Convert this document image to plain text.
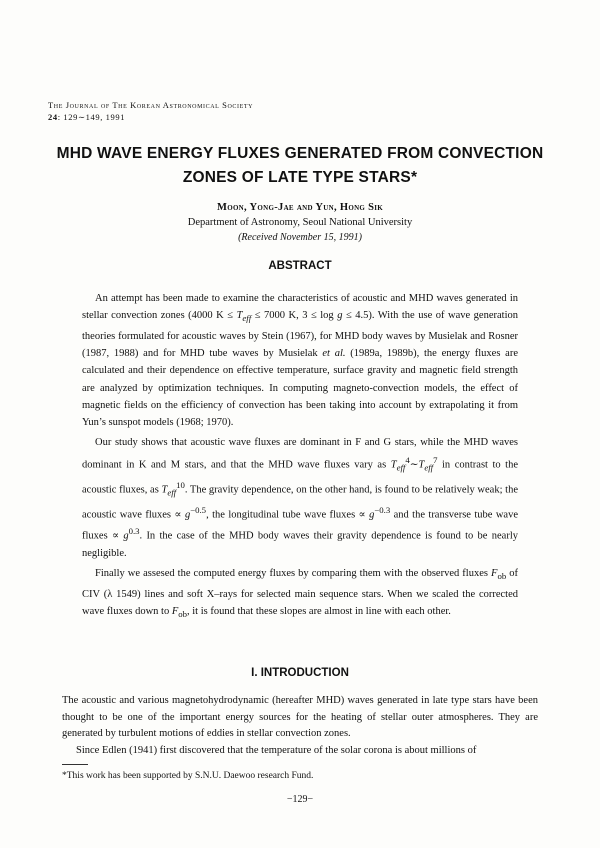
The Journal of The Korean Astronomical Society
24: 129∼149, 1991
MHD WAVE ENERGY FLUXES GENERATED FROM CONVECTION
ZONES OF LATE TYPE STARS*
Moon, Yong-Jae and Yun, Hong Sik
Department of Astronomy, Seoul National University
(Received November 15, 1991)
ABSTRACT

An attempt has been made to examine the characteristics of acoustic and MHD waves generated in stellar convection zones (4000 $K \le T_{eff} \le 7000$ K, 3 ≤ log g ≤ 4.5). With the use of wave generation theories formulated for acoustic waves by Stein (1967), for MHD body waves by Musielak and Rosner (1987, 1988) and for MHD tube waves by Musielak et al. (1989a, 1989b), the energy fluxes are calculated and their dependence on effective temperature, surface gravity and magnetic field strength are analyzed by optimization techniques. In computing magneto-convection models, the effect of magnetic fields on the efficiency of convection has been taking into account by extrapolating it from Yun’s sunspot models (1968; 1970).

Our study shows that acoustic wave fluxes are dominant in F and G stars, while the MHD waves dominant in K and M stars, and that the MHD wave fluxes vary as $T_{eff}^4\sim T_{eff}^7$ in contrast to the acoustic fluxes, as $T_{eff}^{10}$. The gravity dependence, on the other hand, is found to be relatively weak; the acoustic wave fluxes ∝ $g^{-0.5}$, the longitudinal tube wave fluxes ∝ $g^{-0.3}$ and the transverse tube wave fluxes ∝ $g^{0.3}$. In the case of the MHD body waves their gravity dependence is found to be nearly negligible.

Finally we assesed the computed energy fluxes by comparing them with the observed fluxes $F_{ob}$ of CIV (λ 1549) lines and soft X–rays for selected main sequence stars. When we scaled the corrected wave fluxes down to $F_{ob}$, it is found that these slopes are almost in line with each other.

I. INTRODUCTION

The acoustic and various magnetohydrodynamic (hereafter MHD) waves generated in late type stars have been thought to be one of the important energy sources for the heating of stellar outer atmospheres. They are generated by turbulent motions of eddies in stellar convection zones.

Since Edlen (1941) first discovered that the temperature of the solar corona is about millions of

*This work has been supported by S.N.U. Daewoo research Fund.
−129−
